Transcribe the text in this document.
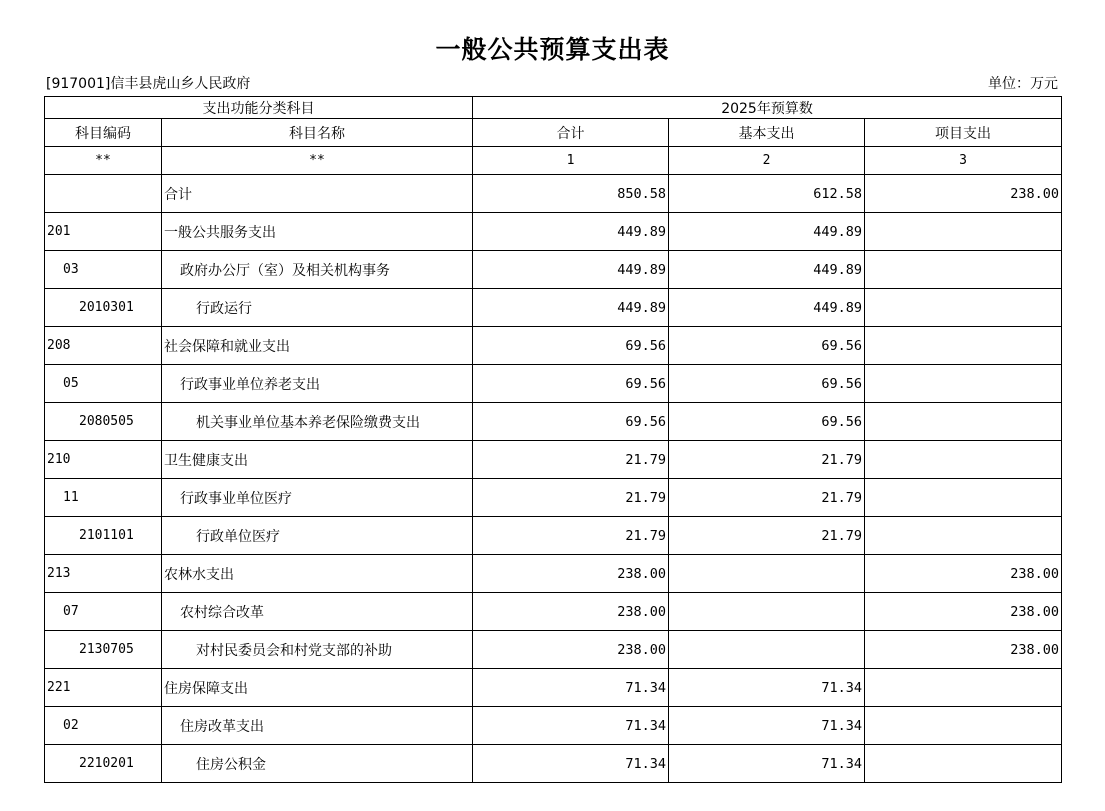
一般公共预算支出表
[917001]信丰县虎山乡人民政府	单位：万元
支出功能分类科目		2025年预算数		
科目编码	科目名称	合计	基本支出	项目支出
**	**	1	2	3
	合计	850.58	612.58	238.00
201	一般公共服务支出	449.89	449.89	
03	政府办公厅（室）及相关机构事务	449.89	449.89	
2010301	行政运行	449.89	449.89	
208	社会保障和就业支出	69.56	69.56	
05	行政事业单位养老支出	69.56	69.56	
2080505	机关事业单位基本养老保险缴费支出	69.56	69.56	
210	卫生健康支出	21.79	21.79	
11	行政事业单位医疗	21.79	21.79	
2101101	行政单位医疗	21.79	21.79	
213	农林水支出	238.00		238.00
07	农村综合改革	238.00		238.00
2130705	对村民委员会和村党支部的补助	238.00		238.00
221	住房保障支出	71.34	71.34	
02	住房改革支出	71.34	71.34	
2210201	住房公积金	71.34	71.34	
